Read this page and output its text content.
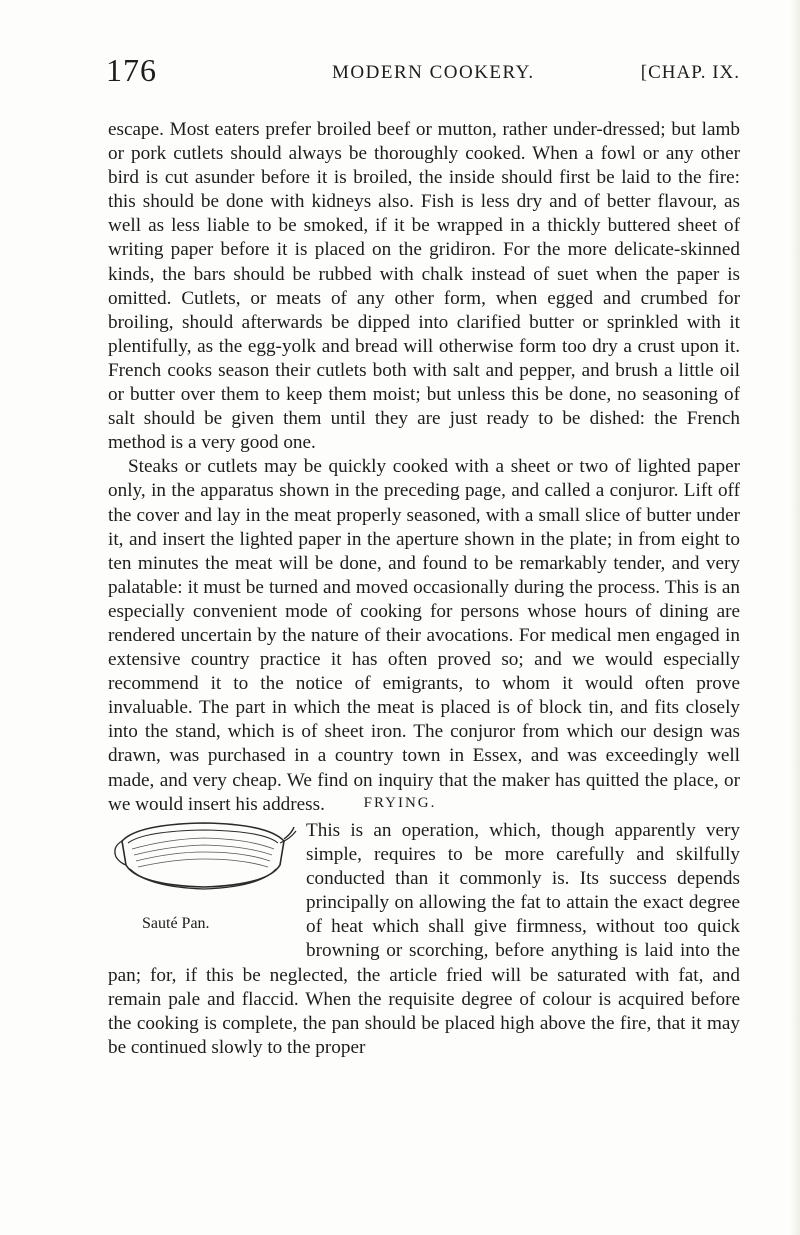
176	MODERN COOKERY.	[CHAP. IX.

escape. Most eaters prefer broiled beef or mutton, rather under-dressed; but lamb or pork cutlets should always be thoroughly cooked. When a fowl or any other bird is cut asunder before it is broiled, the inside should first be laid to the fire: this should be done with kidneys also. Fish is less dry and of better flavour, as well as less liable to be smoked, if it be wrapped in a thickly buttered sheet of writing paper before it is placed on the gridiron. For the more delicate-skinned kinds, the bars should be rubbed with chalk instead of suet when the paper is omitted. Cutlets, or meats of any other form, when egged and crumbed for broiling, should afterwards be dipped into clarified butter or sprinkled with it plentifully, as the egg-yolk and bread will otherwise form too dry a crust upon it. French cooks season their cutlets both with salt and pepper, and brush a little oil or butter over them to keep them moist; but unless this be done, no seasoning of salt should be given them until they are just ready to be dished: the French method is a very good one.

Steaks or cutlets may be quickly cooked with a sheet or two of lighted paper only, in the apparatus shown in the preceding page, and called a conjuror. Lift off the cover and lay in the meat properly seasoned, with a small slice of butter under it, and insert the lighted paper in the aperture shown in the plate; in from eight to ten minutes the meat will be done, and found to be remarkably tender, and very palatable: it must be turned and moved occasionally during the process. This is an especially convenient mode of cooking for persons whose hours of dining are rendered uncertain by the nature of their avocations. For medical men engaged in extensive country practice it has often proved so; and we would especially recommend it to the notice of emigrants, to whom it would often prove invaluable. The part in which the meat is placed is of block tin, and fits closely into the stand, which is of sheet iron. The conjuror from which our design was drawn, was purchased in a country town in Essex, and was exceedingly well made, and very cheap. We find on inquiry that the maker has quitted the place, or we would insert his address.	FRYING.
Sauté Pan.

This is an operation, which, though apparently very simple, requires to be more carefully and skilfully conducted than it commonly is. Its success depends principally on allowing the fat to attain the exact degree of heat which shall give firmness, without too quick browning or scorching, before anything is laid into the pan; for, if this be neglected, the article fried will be saturated with fat, and remain pale and flaccid. When the requisite degree of colour is acquired before the cooking is complete, the pan should be placed high above the fire, that it may be continued slowly to the proper
